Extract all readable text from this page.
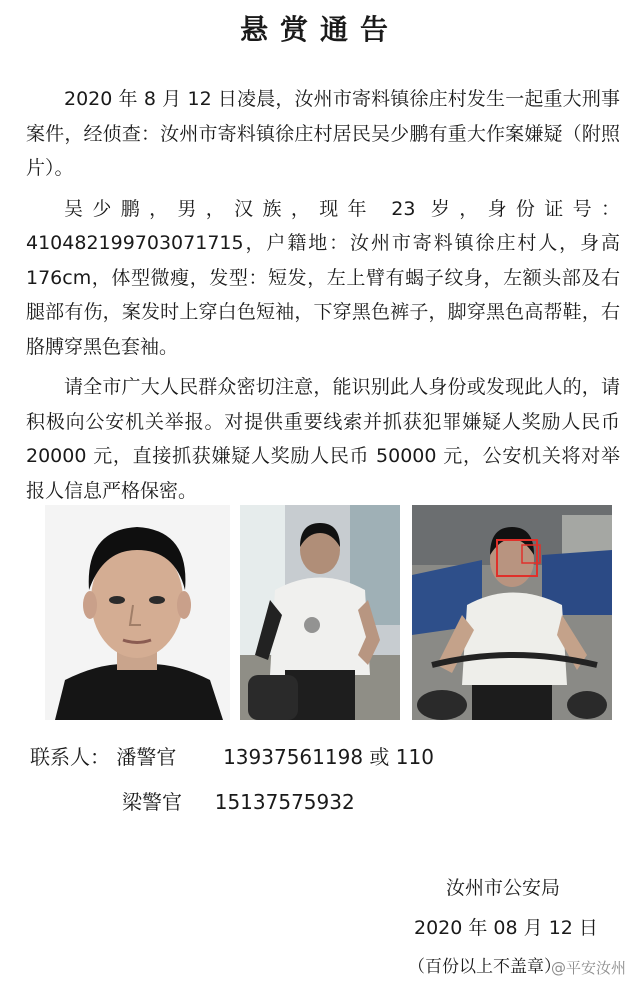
悬赏通告

2020 年 8 月 12 日凌晨，汝州市寄料镇徐庄村发生一起重大刑事案件，经侦查：汝州市寄料镇徐庄村居民吴少鹏有重大作案嫌疑（附照片）。

吴少鹏，男，汉族，现年 23 岁，身份证号：410482199703071715，户籍地：汝州市寄料镇徐庄村人，身高 176cm，体型微瘦，发型：短发，左上臂有蝎子纹身，左额头部及右腿部有伤，案发时上穿白色短袖，下穿黑色裤子，脚穿黑色高帮鞋，右胳膊穿黑色套袖。

请全市广大人民群众密切注意，能识别此人身份或发现此人的，请积极向公安机关举报。对提供重要线索并抓获犯罪嫌疑人奖励人民币 20000 元，直接抓获嫌疑人奖励人民币 50000 元，公安机关将对举报人信息严格保密。

联系人： 潘警官 13937561198 或 110
梁警官 15137575932
汝州市公安局
2020 年 08 月 12 日
（百份以上不盖章）
@平安汝州
